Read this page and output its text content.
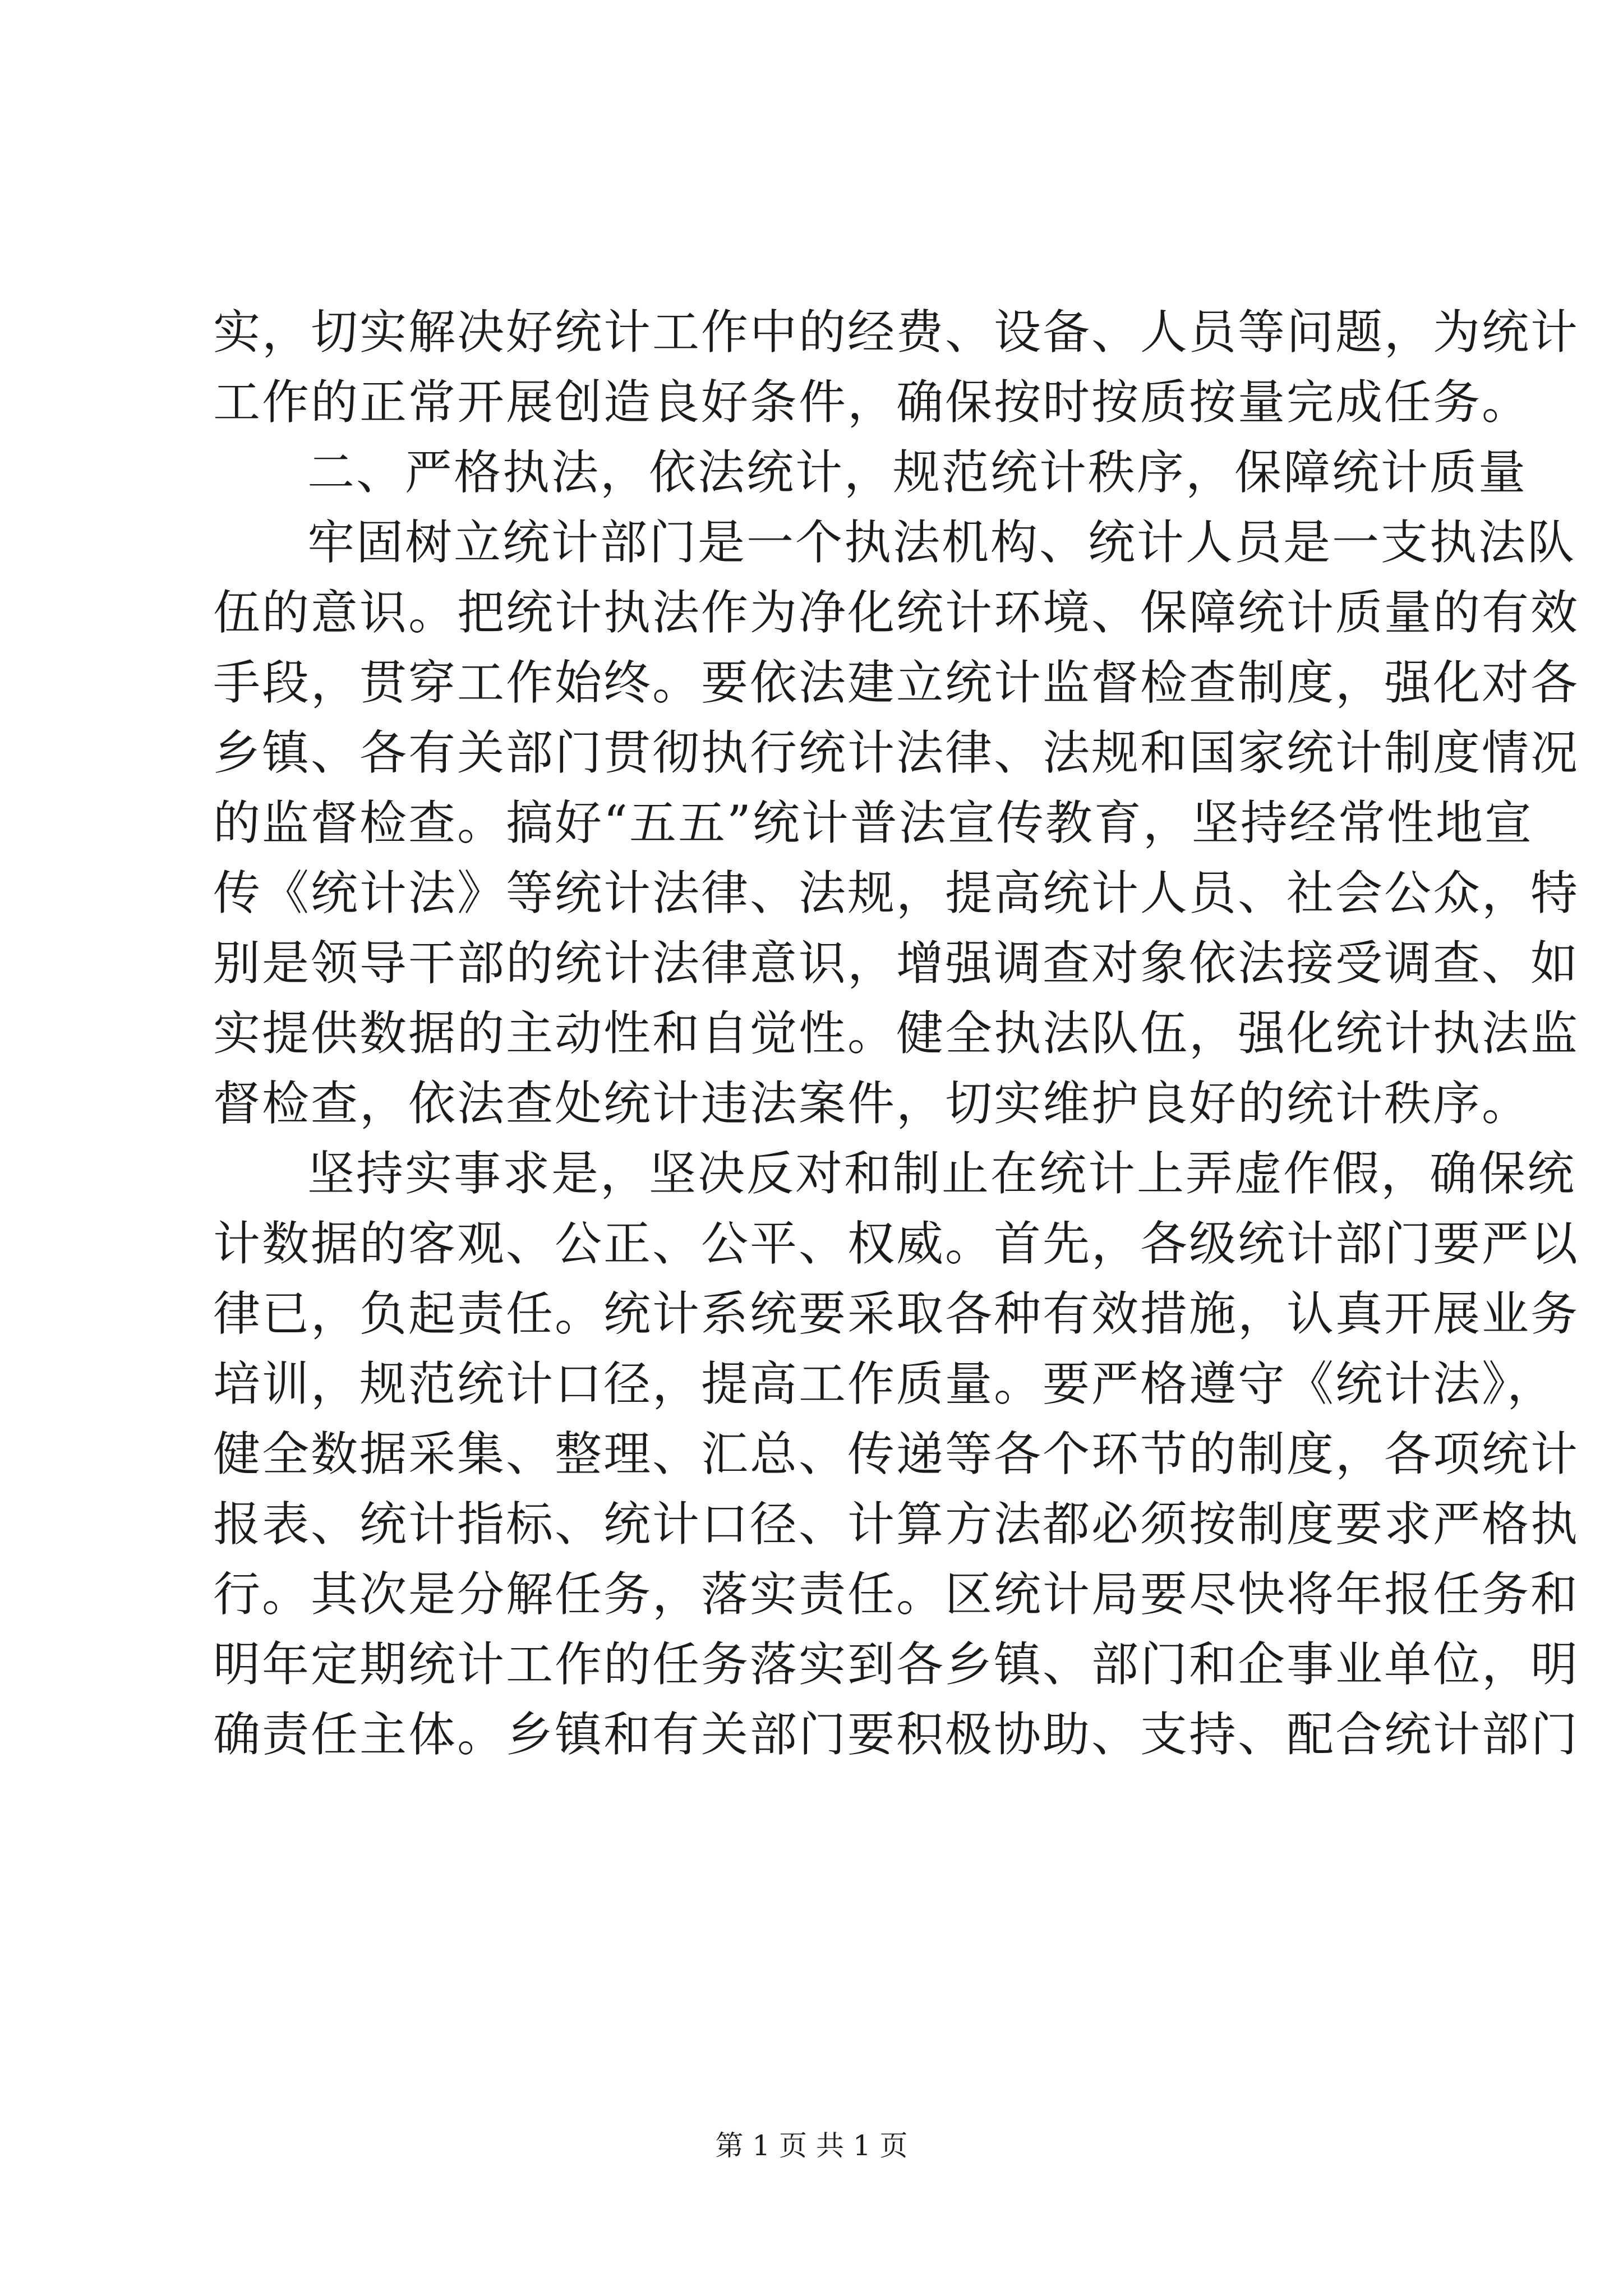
实，切实解决好统计工作中的经费、设备、人员等问题，为统计
工作的正常开展创造良好条件，确保按时按质按量完成任务。
二、严格执法，依法统计，规范统计秩序，保障统计质量
牢固树立统计部门是一个执法机构、统计人员是一支执法队
伍的意识。把统计执法作为净化统计环境、保障统计质量的有效
手段，贯穿工作始终。要依法建立统计监督检查制度，强化对各
乡镇、各有关部门贯彻执行统计法律、法规和国家统计制度情况
的监督检查。搞好“五五”统计普法宣传教育，坚持经常性地宣
传《统计法》等统计法律、法规，提高统计人员、社会公众，特
别是领导干部的统计法律意识，增强调查对象依法接受调查、如
实提供数据的主动性和自觉性。健全执法队伍，强化统计执法监
督检查，依法查处统计违法案件，切实维护良好的统计秩序。
坚持实事求是，坚决反对和制止在统计上弄虚作假，确保统
计数据的客观、公正、公平、权威。首先，各级统计部门要严以
律已，负起责任。统计系统要采取各种有效措施，认真开展业务
培训，规范统计口径，提高工作质量。要严格遵守《统计法》，
健全数据采集、整理、汇总、传递等各个环节的制度，各项统计
报表、统计指标、统计口径、计算方法都必须按制度要求严格执
行。其次是分解任务，落实责任。区统计局要尽快将年报任务和
明年定期统计工作的任务落实到各乡镇、部门和企事业单位，明
确责任主体。乡镇和有关部门要积极协助、支持、配合统计部门
第 1 页 共 1 页
